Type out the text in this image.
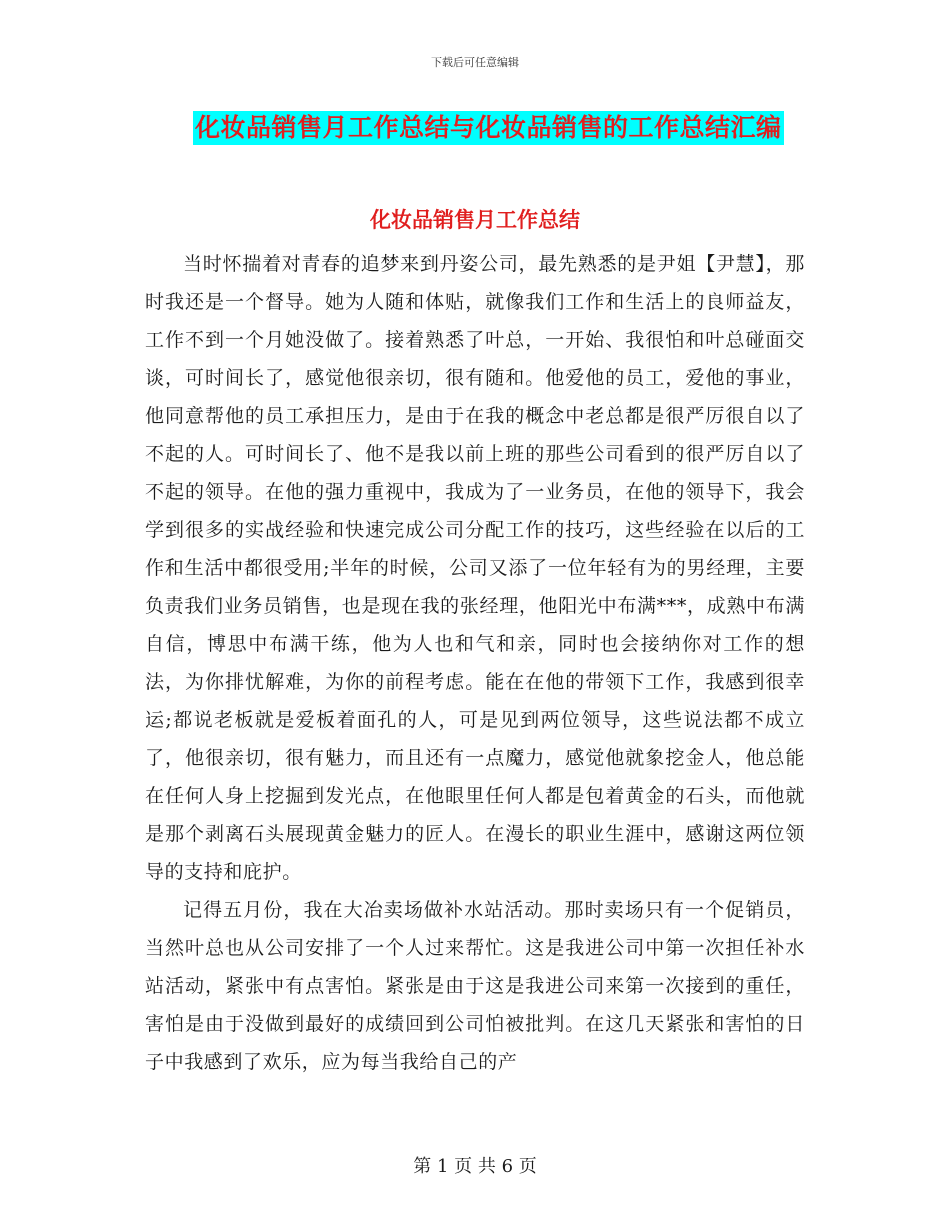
下载后可任意编辑
化妆品销售月工作总结与化妆品销售的工作总结汇编
化妆品销售月工作总结

当时怀揣着对青春的追梦来到丹姿公司，最先熟悉的是尹姐【尹慧】，那时我还是一个督导。她为人随和体贴，就像我们工作和生活上的良师益友，工作不到一个月她没做了。接着熟悉了叶总，一开始、我很怕和叶总碰面交谈，可时间长了，感觉他很亲切，很有随和。他爱他的员工，爱他的事业，他同意帮他的员工承担压力，是由于在我的概念中老总都是很严厉很自以了不起的人。可时间长了、他不是我以前上班的那些公司看到的很严厉自以了不起的领导。在他的强力重视中，我成为了一业务员，在他的领导下，我会学到很多的实战经验和快速完成公司分配工作的技巧，这些经验在以后的工作和生活中都很受用;半年的时候，公司又添了一位年轻有为的男经理，主要负责我们业务员销售，也是现在我的张经理，他阳光中布满***，成熟中布满自信，博思中布满干练，他为人也和气和亲，同时也会接纳你对工作的想法，为你排忧解难，为你的前程考虑。能在在他的带领下工作，我感到很幸运;都说老板就是爱板着面孔的人，可是见到两位领导，这些说法都不成立了，他很亲切，很有魅力，而且还有一点魔力，感觉他就象挖金人，他总能在任何人身上挖掘到发光点，在他眼里任何人都是包着黄金的石头，而他就是那个剥离石头展现黄金魅力的匠人。在漫长的职业生涯中，感谢这两位领导的支持和庇护。

记得五月份，我在大冶卖场做补水站活动。那时卖场只有一个促销员，当然叶总也从公司安排了一个人过来帮忙。这是我进公司中第一次担任补水站活动，紧张中有点害怕。紧张是由于这是我进公司来第一次接到的重任，害怕是由于没做到最好的成绩回到公司怕被批判。在这几天紧张和害怕的日子中我感到了欢乐，应为每当我给自己的产

第 1 页 共 6 页
